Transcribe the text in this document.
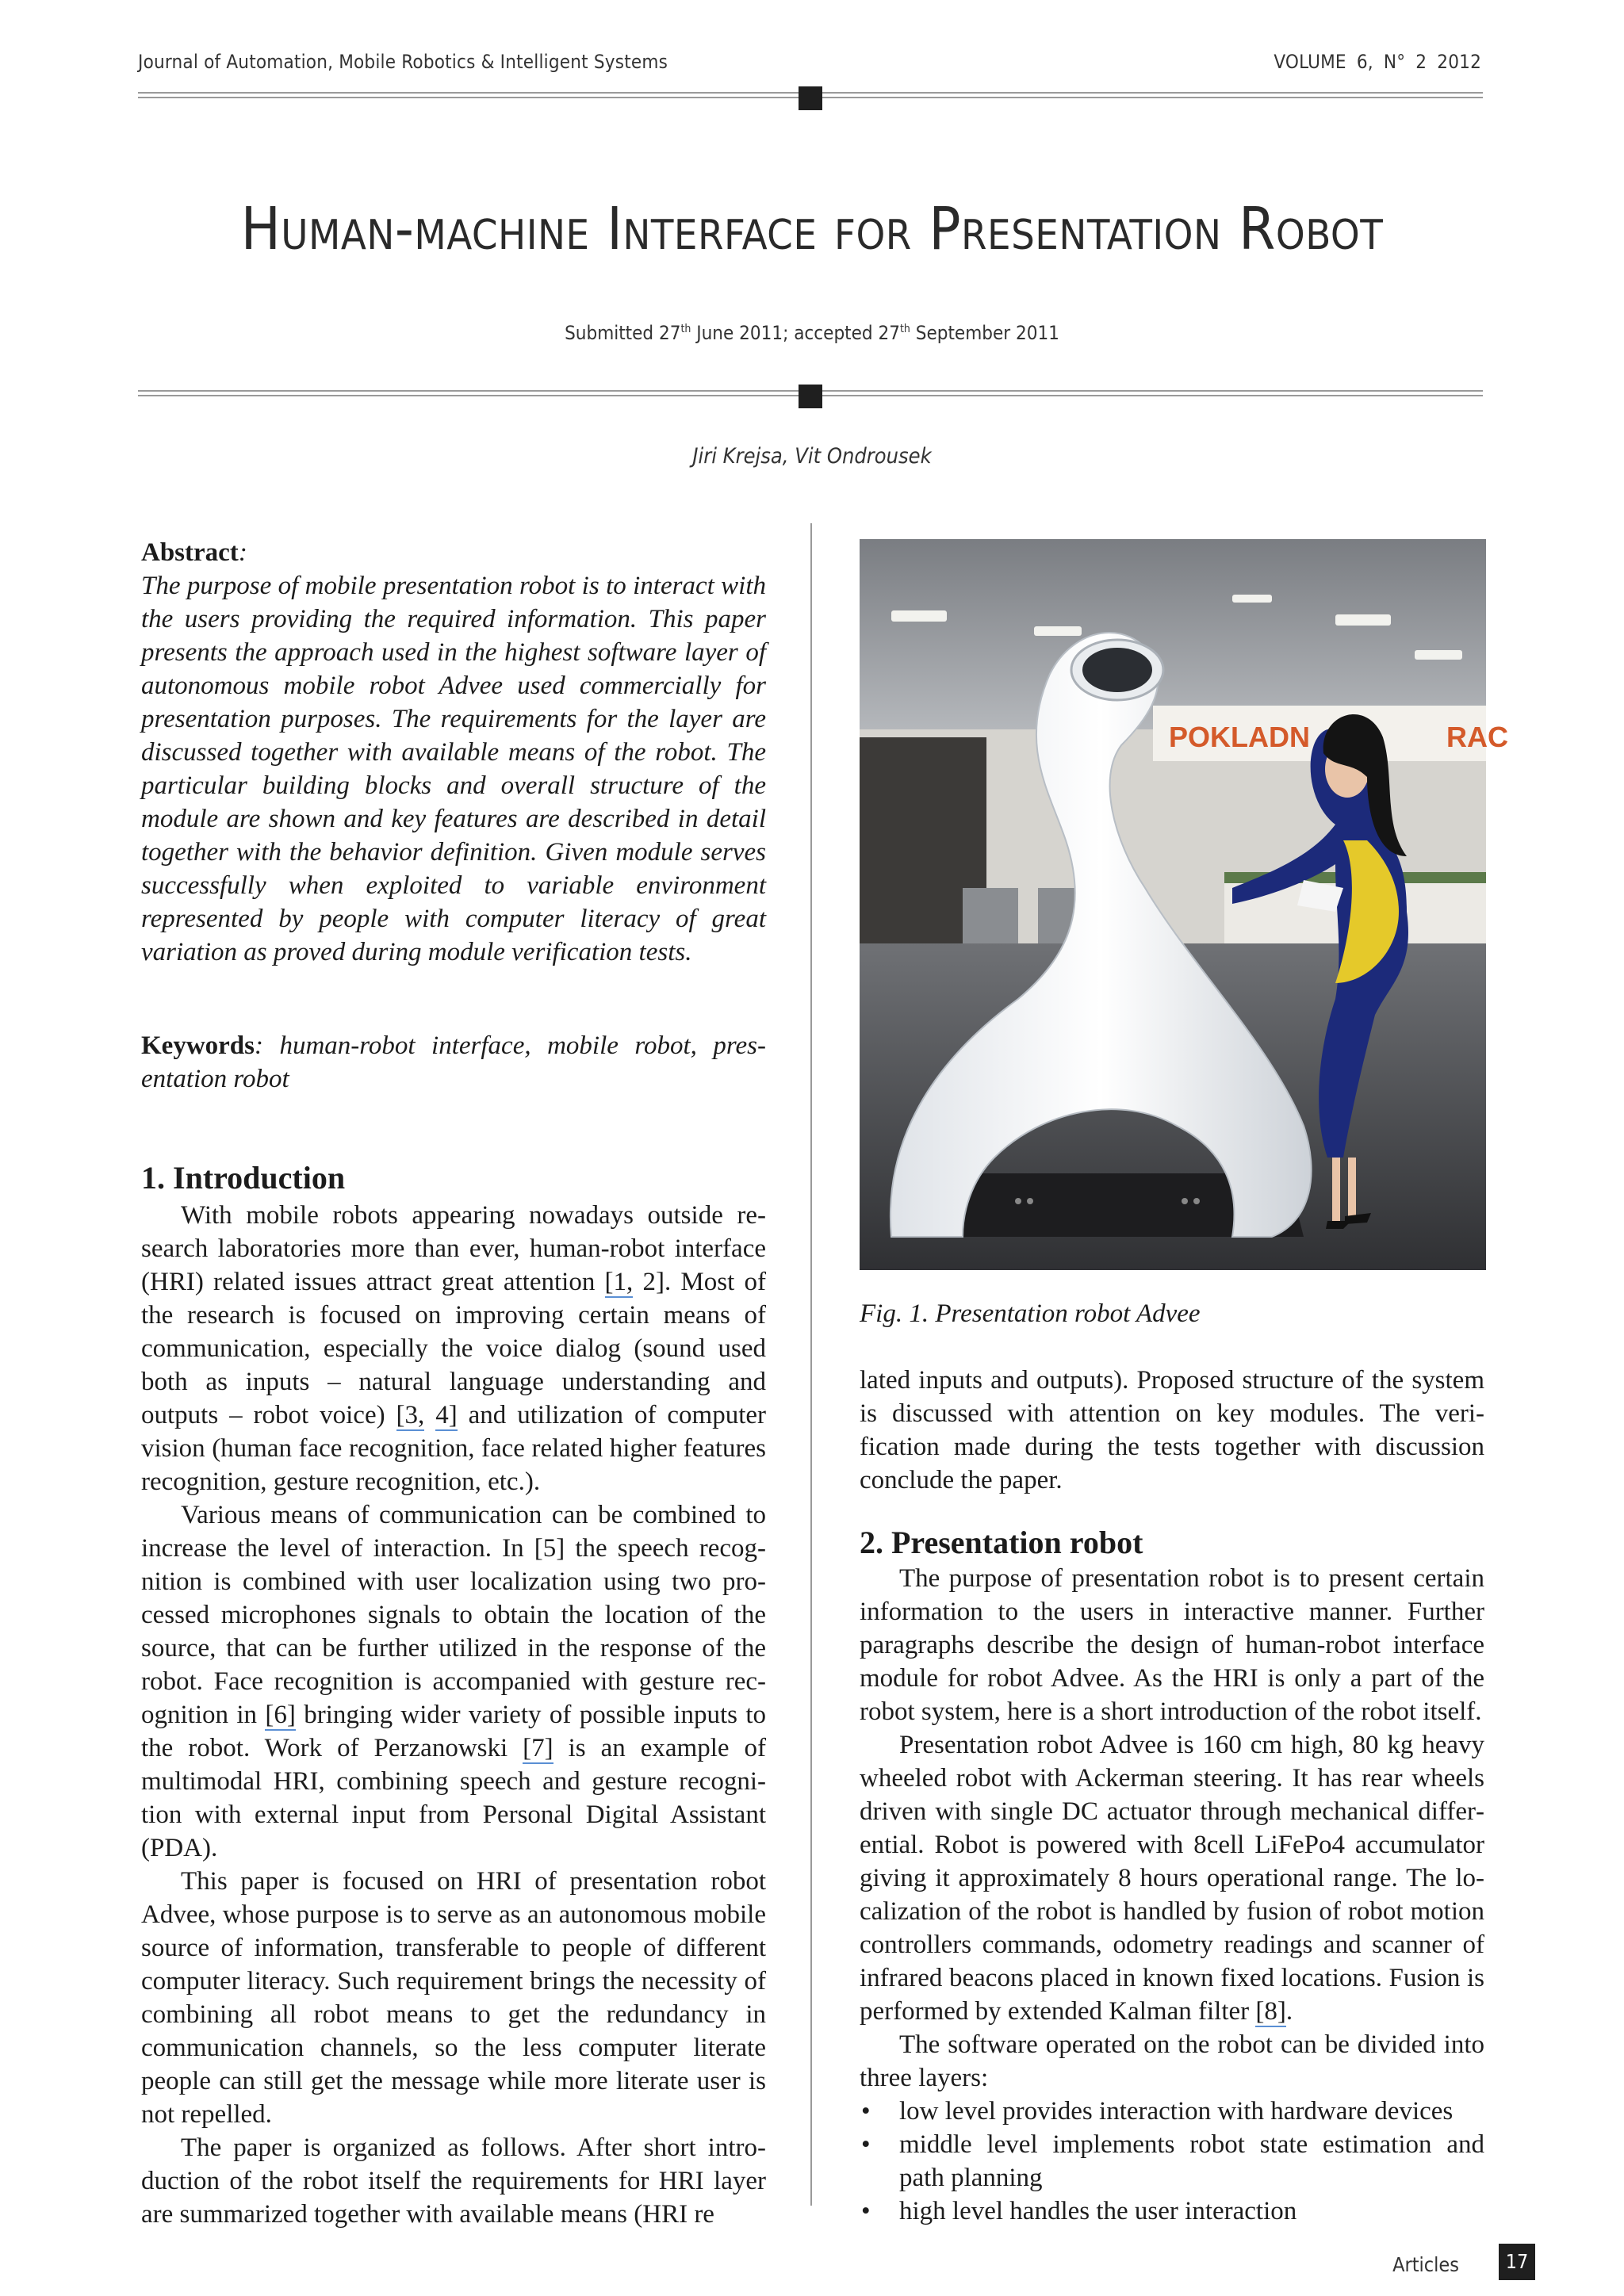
Journal of Automation, Mobile Robotics & Intelligent Systems	VOLUME 6, N° 2 2012
Human-machine Interface for Presentation Robot
Submitted 27th June 2011; accepted 27th September 2011
Jiri Krejsa, Vit Ondrousek

Abstract:
The purpose of mobile presentation robot is to interact with the users providing the required information. This paper presents the approach used in the highest software layer of autonomous mobile robot Advee used commercially for presentation purposes. The requirements for the layer are discussed together with available means of the robot. The particular building blocks and overall structure of the module are shown and key features are described in detail together with the behavior definition. Given module serves successfully when exploited to variable environment represented by people with computer literacy of great variation as proved during module verification tests.

Keywords: human-robot interface, mobile robot, presentation robot

1. Introduction

With mobile robots appearing nowadays outside research laboratories more than ever, human-robot interface (HRI) related issues attract great attention [1, 2]. Most of the research is focused on improving certain means of communication, especially the voice dialog (sound used both as inputs – natural language understanding and outputs – robot voice) [3, 4] and utilization of computer vision (human face recognition, face related higher features recognition, gesture recognition, etc.).

Various means of communication can be combined to increase the level of interaction. In [5] the speech recognition is combined with user localization using two processed microphones signals to obtain the location of the source, that can be further utilized in the response of the robot. Face recognition is accompanied with gesture recognition in [6] bringing wider variety of possible inputs to the robot. Work of Perzanowski [7] is an example of multimodal HRI, combining speech and gesture recognition with external input from Personal Digital Assistant (PDA).

This paper is focused on HRI of presentation robot Advee, whose purpose is to serve as an autonomous mobile source of information, transferable to people of different computer literacy. Such requirement brings the necessity of combining all robot means to get the redundancy in communication channels, so the less computer literate people can still get the message while more literate user is not repelled.

The paper is organized as follows. After short introduction of the robot itself the requirements for HRI layer are summarized together with available means (HRI re

POKLADN	RAC
Fig. 1. Presentation robot Advee

lated inputs and outputs). Proposed structure of the system is discussed with attention on key modules. The verification made during the tests together with discussion conclude the paper.

2. Presentation robot

The purpose of presentation robot is to present certain information to the users in interactive manner. Further paragraphs describe the design of human-robot interface module for robot Advee. As the HRI is only a part of the robot system, here is a short introduction of the robot itself.

Presentation robot Advee is 160 cm high, 80 kg heavy wheeled robot with Ackerman steering. It has rear wheels driven with single DC actuator through mechanical differential. Robot is powered with 8cell LiFePo4 accumulator giving it approximately 8 hours operational range. The localization of the robot is handled by fusion of robot motion controllers commands, odometry readings and scanner of infrared beacons placed in known fixed locations. Fusion is performed by extended Kalman filter [8].

The software operated on the robot can be divided into three layers:

• low level provides interaction with hardware devices
• middle level implements robot state estimation and path planning
• high level handles the user interaction
Articles	17
